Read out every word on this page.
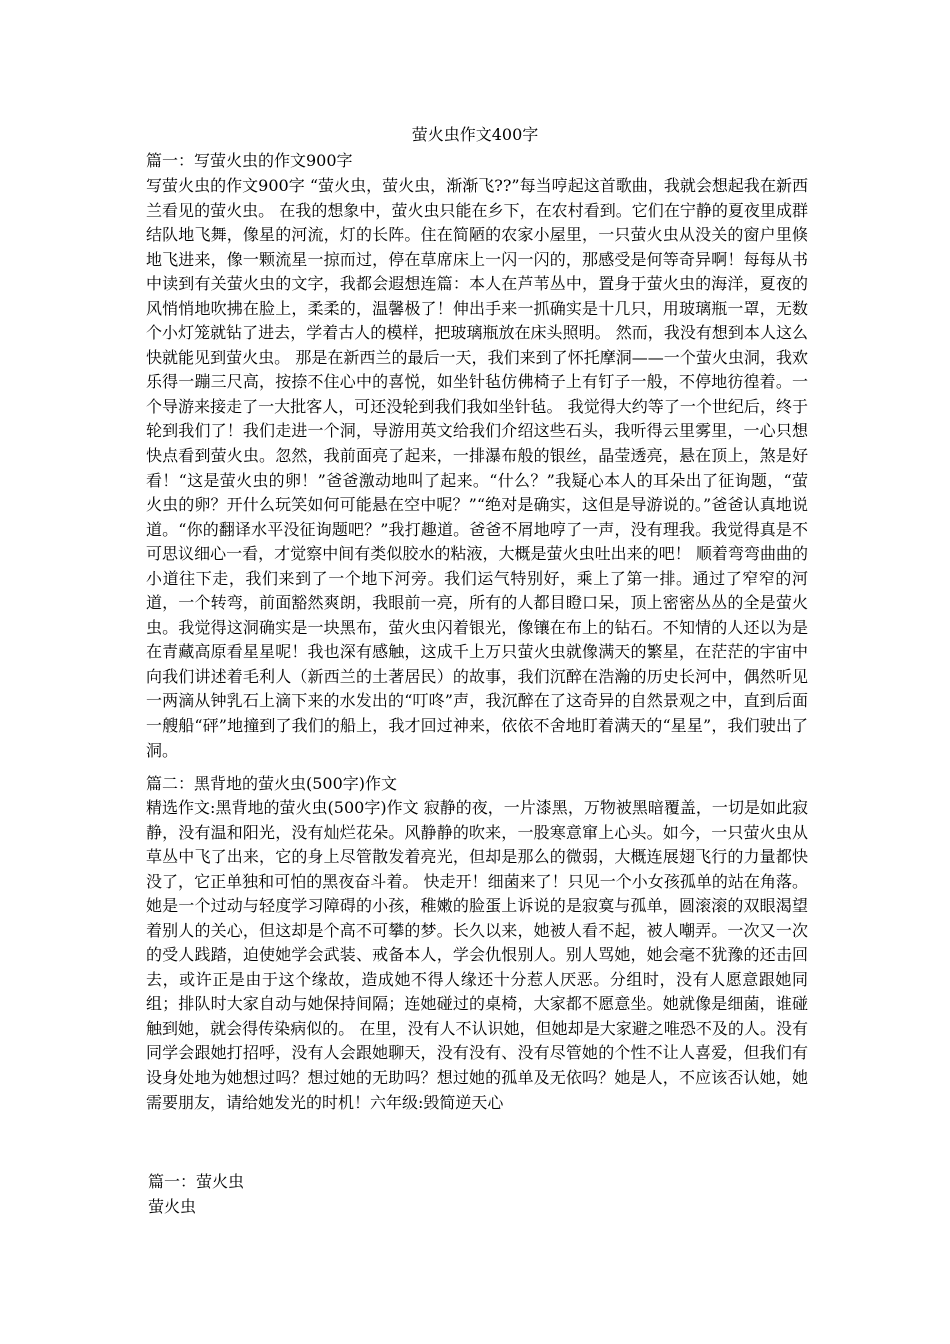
萤火虫作文400字
篇一：写萤火虫的作文900字

写萤火虫的作文900字 “萤火虫，萤火虫，渐渐飞??”每当哼起这首歌曲，我就会想起我在新西兰看见的萤火虫。 在我的想象中，萤火虫只能在乡下，在农村看到。它们在宁静的夏夜里成群结队地飞舞，像星的河流，灯的长阵。住在简陋的农家小屋里，一只萤火虫从没关的窗户里倏地飞进来，像一颗流星一掠而过，停在草席床上一闪一闪的，那感受是何等奇异啊！每每从书中读到有关萤火虫的文字，我都会遐想连篇：本人在芦苇丛中，置身于萤火虫的海洋，夏夜的风悄悄地吹拂在脸上，柔柔的，温馨极了！伸出手来一抓确实是十几只，用玻璃瓶一罩，无数个小灯笼就钻了进去，学着古人的模样，把玻璃瓶放在床头照明。 然而，我没有想到本人这么快就能见到萤火虫。 那是在新西兰的最后一天，我们来到了怀托摩洞——一个萤火虫洞，我欢乐得一蹦三尺高，按捺不住心中的喜悦，如坐针毡仿佛椅子上有钉子一般，不停地彷徨着。一个导游来接走了一大批客人，可还没轮到我们我如坐针毡。 我觉得大约等了一个世纪后，终于轮到我们了！我们走进一个洞，导游用英文给我们介绍这些石头，我听得云里雾里，一心只想快点看到萤火虫。忽然，我前面亮了起来，一排瀑布般的银丝，晶莹透亮，悬在顶上，煞是好看！“这是萤火虫的卵！”爸爸激动地叫了起来。“什么？”我疑心本人的耳朵出了征询题，“萤火虫的卵？开什么玩笑如何可能悬在空中呢？”“绝对是确实，这但是导游说的。”爸爸认真地说道。“你的翻译水平没征询题吧？”我打趣道。爸爸不屑地哼了一声，没有理我。我觉得真是不可思议细心一看，才觉察中间有类似胶水的粘液，大概是萤火虫吐出来的吧！ 顺着弯弯曲曲的小道往下走，我们来到了一个地下河旁。我们运气特别好，乘上了第一排。通过了窄窄的河道，一个转弯，前面豁然爽朗，我眼前一亮，所有的人都目瞪口呆，顶上密密丛丛的全是萤火虫。我觉得这洞确实是一块黑布，萤火虫闪着银光，像镶在布上的钻石。不知情的人还以为是在青藏高原看星星呢！我也深有感触，这成千上万只萤火虫就像满天的繁星，在茫茫的宇宙中向我们讲述着毛利人（新西兰的土著居民）的故事，我们沉醉在浩瀚的历史长河中，偶然听见一两滴从钟乳石上滴下来的水发出的“叮咚”声，我沉醉在了这奇异的自然景观之中，直到后面一艘船“砰”地撞到了我们的船上，我才回过神来，依依不舍地盯着满天的“星星”，我们驶出了洞。

篇二：黑背地的萤火虫(500字)作文

精选作文:黑背地的萤火虫(500字)作文 寂静的夜，一片漆黑，万物被黑暗覆盖，一切是如此寂静，没有温和阳光，没有灿烂花朵。风静静的吹来，一股寒意窜上心头。如今，一只萤火虫从草丛中飞了出来，它的身上尽管散发着亮光，但却是那么的微弱，大概连展翅飞行的力量都快没了，它正单独和可怕的黑夜奋斗着。 快走开！细菌来了！只见一个小女孩孤单的站在角落。她是一个过动与轻度学习障碍的小孩，稚嫩的脸蛋上诉说的是寂寞与孤单，圆滚滚的双眼渴望着别人的关心，但这却是个高不可攀的梦。长久以来，她被人看不起，被人嘲弄。一次又一次的受人践踏，迫使她学会武装、戒备本人，学会仇恨别人。别人骂她，她会毫不犹豫的还击回去，或许正是由于这个缘故，造成她不得人缘还十分惹人厌恶。分组时，没有人愿意跟她同组；排队时大家自动与她保持间隔；连她碰过的桌椅，大家都不愿意坐。她就像是细菌，谁碰触到她，就会得传染病似的。 在里，没有人不认识她，但她却是大家避之唯恐不及的人。没有同学会跟她打招呼，没有人会跟她聊天，没有没有、没有尽管她的个性不让人喜爱，但我们有设身处地为她想过吗？想过她的无助吗？想过她的孤单及无依吗？她是人，不应该否认她，她需要朋友，请给她发光的时机！六年级:毁简逆天心

篇一：萤火虫
萤火虫
